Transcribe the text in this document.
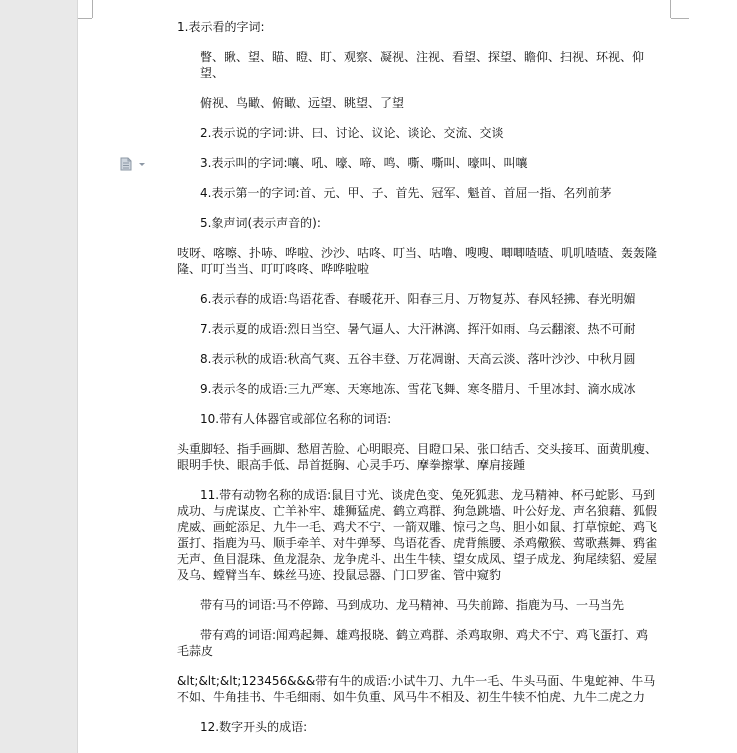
1.表示看的字词:

瞥、瞅、望、瞄、瞪、盯、观察、凝视、注视、看望、探望、瞻仰、扫视、环视、仰望、

俯视、鸟瞰、俯瞰、远望、眺望、了望

2.表示说的字词:讲、曰、讨论、议论、谈论、交流、交谈

3.表示叫的字词:嚷、吼、嚎、啼、鸣、嘶、嘶叫、嚎叫、叫嚷

4.表示第一的字词:首、元、甲、子、首先、冠军、魁首、首屈一指、名列前茅

5.象声词(表示声音的):

吱呀、喀嚓、扑哧、哗啦、沙沙、咕咚、叮当、咕噜、嗖嗖、唧唧喳喳、叽叽喳喳、轰轰隆隆、叮叮当当、叮叮咚咚、哗哗啦啦

6.表示春的成语:鸟语花香、春暖花开、阳春三月、万物复苏、春风轻拂、春光明媚

7.表示夏的成语:烈日当空、暑气逼人、大汗淋漓、挥汗如雨、乌云翻滚、热不可耐

8.表示秋的成语:秋高气爽、五谷丰登、万花凋谢、天高云淡、落叶沙沙、中秋月圆

9.表示冬的成语:三九严寒、天寒地冻、雪花飞舞、寒冬腊月、千里冰封、滴水成冰

10.带有人体器官或部位名称的词语:

头重脚轻、指手画脚、愁眉苦脸、心明眼亮、目瞪口呆、张口结舌、交头接耳、面黄肌瘦、眼明手快、眼高手低、昂首挺胸、心灵手巧、摩拳擦掌、摩肩接踵

11.带有动物名称的成语:鼠目寸光、谈虎色变、兔死狐悲、龙马精神、杯弓蛇影、马到成功、与虎谋皮、亡羊补牢、雄狮猛虎、鹤立鸡群、狗急跳墙、叶公好龙、声名狼藉、狐假虎威、画蛇添足、九牛一毛、鸡犬不宁、一箭双雕、惊弓之鸟、胆小如鼠、打草惊蛇、鸡飞蛋打、指鹿为马、顺手牵羊、对牛弹琴、鸟语花香、虎背熊腰、杀鸡儆猴、莺歌燕舞、鸦雀无声、鱼目混珠、鱼龙混杂、龙争虎斗、出生牛犊、望女成凤、望子成龙、狗尾续貂、爱屋及乌、螳臂当车、蛛丝马迹、投鼠忌器、门口罗雀、管中窥豹

带有马的词语:马不停蹄、马到成功、龙马精神、马失前蹄、指鹿为马、一马当先

带有鸡的词语:闻鸡起舞、雄鸡报晓、鹤立鸡群、杀鸡取卵、鸡犬不宁、鸡飞蛋打、鸡毛蒜皮

&lt;&lt;&lt;123456&&&带有牛的成语:小试牛刀、九牛一毛、牛头马面、牛鬼蛇神、牛马不如、牛角挂书、牛毛细雨、如牛负重、风马牛不相及、初生牛犊不怕虎、九牛二虎之力

12.数字开头的成语:
